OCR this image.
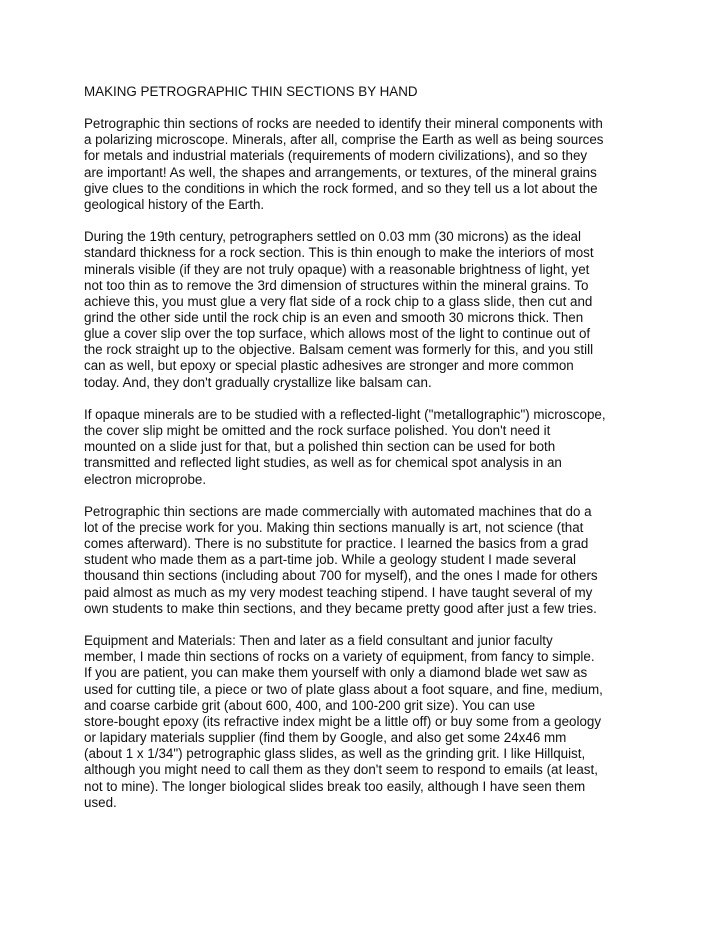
MAKING PETROGRAPHIC THIN SECTIONS BY HAND

Petrographic thin sections of rocks are needed to identify their mineral components with
a polarizing microscope. Minerals, after all, comprise the Earth as well as being sources
for metals and industrial materials (requirements of modern civilizations), and so they
are important! As well, the shapes and arrangements, or textures, of the mineral grains
give clues to the conditions in which the rock formed, and so they tell us a lot about the
geological history of the Earth.

During the 19th century, petrographers settled on 0.03 mm (30 microns) as the ideal
standard thickness for a rock section. This is thin enough to make the interiors of most
minerals visible (if they are not truly opaque) with a reasonable brightness of light, yet
not too thin as to remove the 3rd dimension of structures within the mineral grains. To
achieve this, you must glue a very flat side of a rock chip to a glass slide, then cut and
grind the other side until the rock chip is an even and smooth 30 microns thick. Then
glue a cover slip over the top surface, which allows most of the light to continue out of
the rock straight up to the objective. Balsam cement was formerly for this, and you still
can as well, but epoxy or special plastic adhesives are stronger and more common
today. And, they don't gradually crystallize like balsam can.

If opaque minerals are to be studied with a reflected-light ("metallographic") microscope,
the cover slip might be omitted and the rock surface polished. You don't need it
mounted on a slide just for that, but a polished thin section can be used for both
transmitted and reflected light studies, as well as for chemical spot analysis in an
electron microprobe.

Petrographic thin sections are made commercially with automated machines that do a
lot of the precise work for you. Making thin sections manually is art, not science (that
comes afterward). There is no substitute for practice. I learned the basics from a grad
student who made them as a part-time job. While a geology student I made several
thousand thin sections (including about 700 for myself), and the ones I made for others
paid almost as much as my very modest teaching stipend. I have taught several of my
own students to make thin sections, and they became pretty good after just a few tries.

Equipment and Materials: Then and later as a field consultant and junior faculty
member, I made thin sections of rocks on a variety of equipment, from fancy to simple.
If you are patient, you can make them yourself with only a diamond blade wet saw as
used for cutting tile, a piece or two of plate glass about a foot square, and fine, medium,
and coarse carbide grit (about 600, 400, and 100-200 grit size). You can use
store-bought epoxy (its refractive index might be a little off) or buy some from a geology
or lapidary materials supplier (find them by Google, and also get some 24x46 mm
(about 1 x 1/34") petrographic glass slides, as well as the grinding grit. I like Hillquist,
although you might need to call them as they don't seem to respond to emails (at least,
not to mine). The longer biological slides break too easily, although I have seen them
used.
